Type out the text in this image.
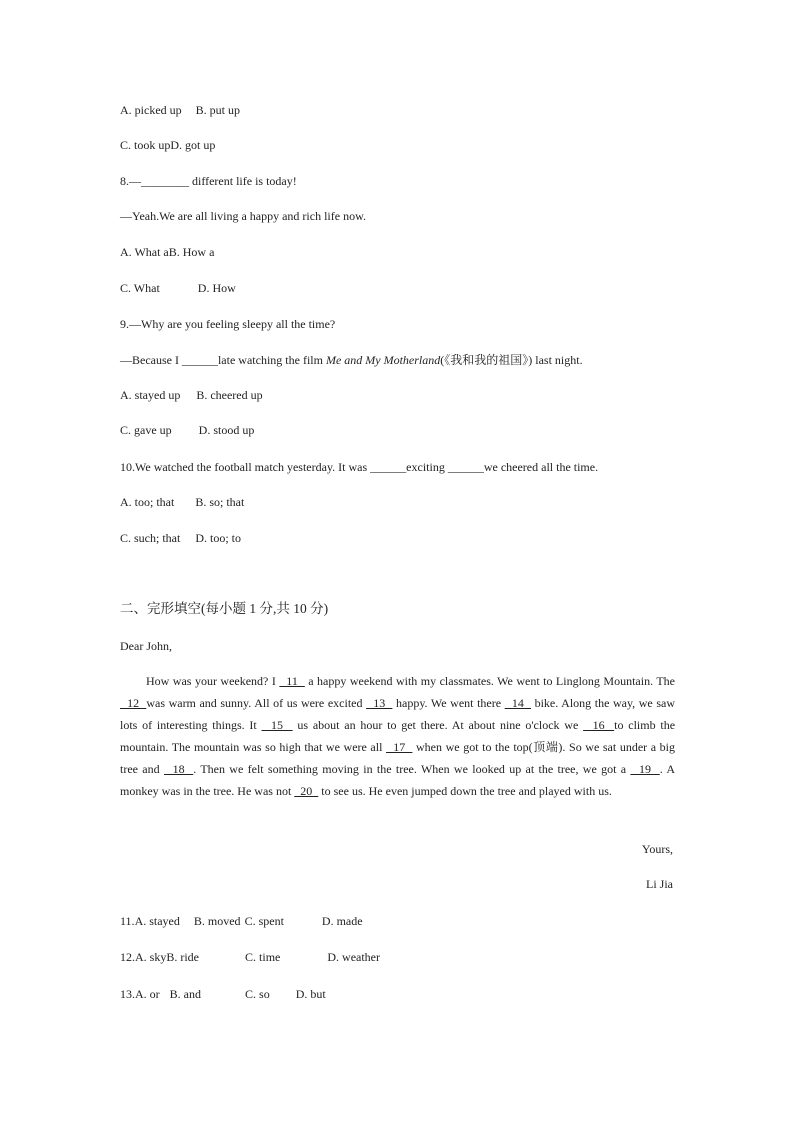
A. picked up B. put up
C. took upD. got up
8.—________ different life is today!
—Yeah.We are all living a happy and rich life now.
A. What aB. How a
C. What	D. How
9.—Why are you feeling sleepy all the time?
—Because I ______late watching the film Me and My Motherland(《我和我的祖国》) last night.
A. stayed up B. cheered up
C. gave up D. stood up
10.We watched the football match yesterday. It was ______exciting ______we cheered all the time.
A. too; that B. so; that
C. such; that D. too; to
二、完形填空(每小题 1 分,共 10 分)
Dear John,
How was your weekend? I   11   a happy weekend with my classmates. We went to Linglong Mountain. The   12  was warm and sunny. All of us were excited   13   happy. We went there   14   bike. Along the way, we saw lots of interesting things. It   15   us about an hour to get there. At about nine o'clock we   16  to climb the mountain. The mountain was so high that we were all   17   when we got to the top(顶端). So we sat under a big tree and   18  . Then we felt something moving in the tree. When we looked up at the tree, we got a   19  . A monkey was in the tree. He was not   20   to see us. He even jumped down the tree and played with us.
Yours,
Li Jia
11.A. stayed B. moved C. spent	D. made
12.A. skyB. ride	C. time	D. weather
13.A. or B. and	C. so D. but
